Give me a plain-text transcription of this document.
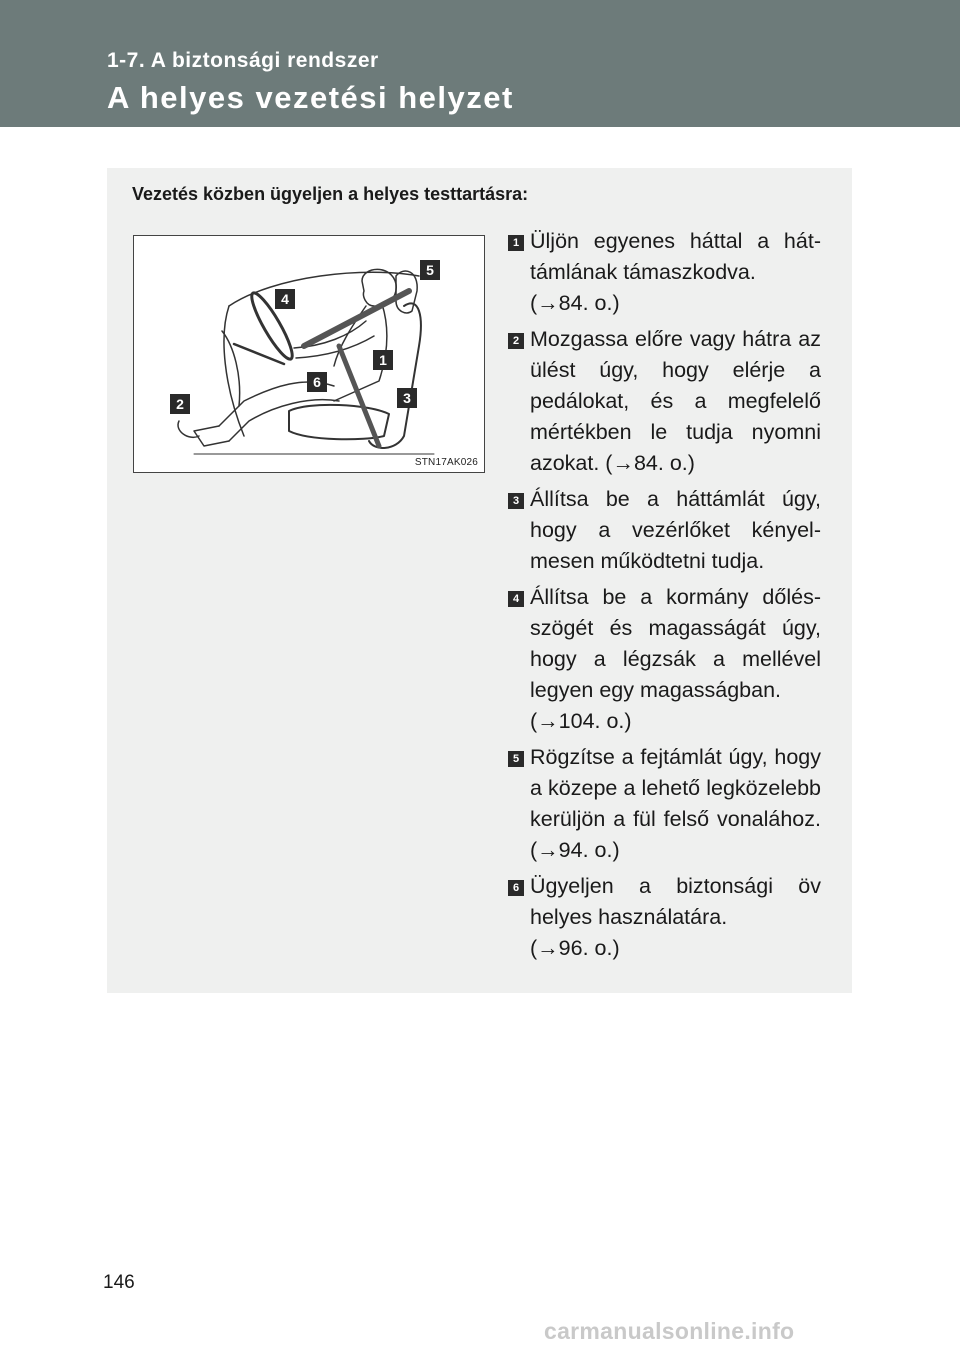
1-7. A biztonsági rendszer
A helyes vezetési helyzet
Vezetés közben ügyeljen a helyes testtartásra:
5
4
1
6
3
2
STN17AK026
1 Üljön egyenes háttal a háttámlának támaszkodva.
(→84. o.)
2 Mozgassa előre vagy hátra az ülést úgy, hogy elérje a pedálokat, és a megfelelő mértékben le tudja nyomni azokat. (→84. o.)
3 Állítsa be a háttámlát úgy, hogy a vezérlőket kényelmesen működtetni tudja.
4 Állítsa be a kormány dőlésszögét és magasságát úgy, hogy a légzsák a mellével legyen egy magasságban.
(→104. o.)
5 Rögzítse a fejtámlát úgy, hogy a közepe a lehető legközelebb kerüljön a fül felső vonalához. (→94. o.)
6 Ügyeljen a biztonsági öv helyes használatára.
(→96. o.)
146
carmanualsonline.info
